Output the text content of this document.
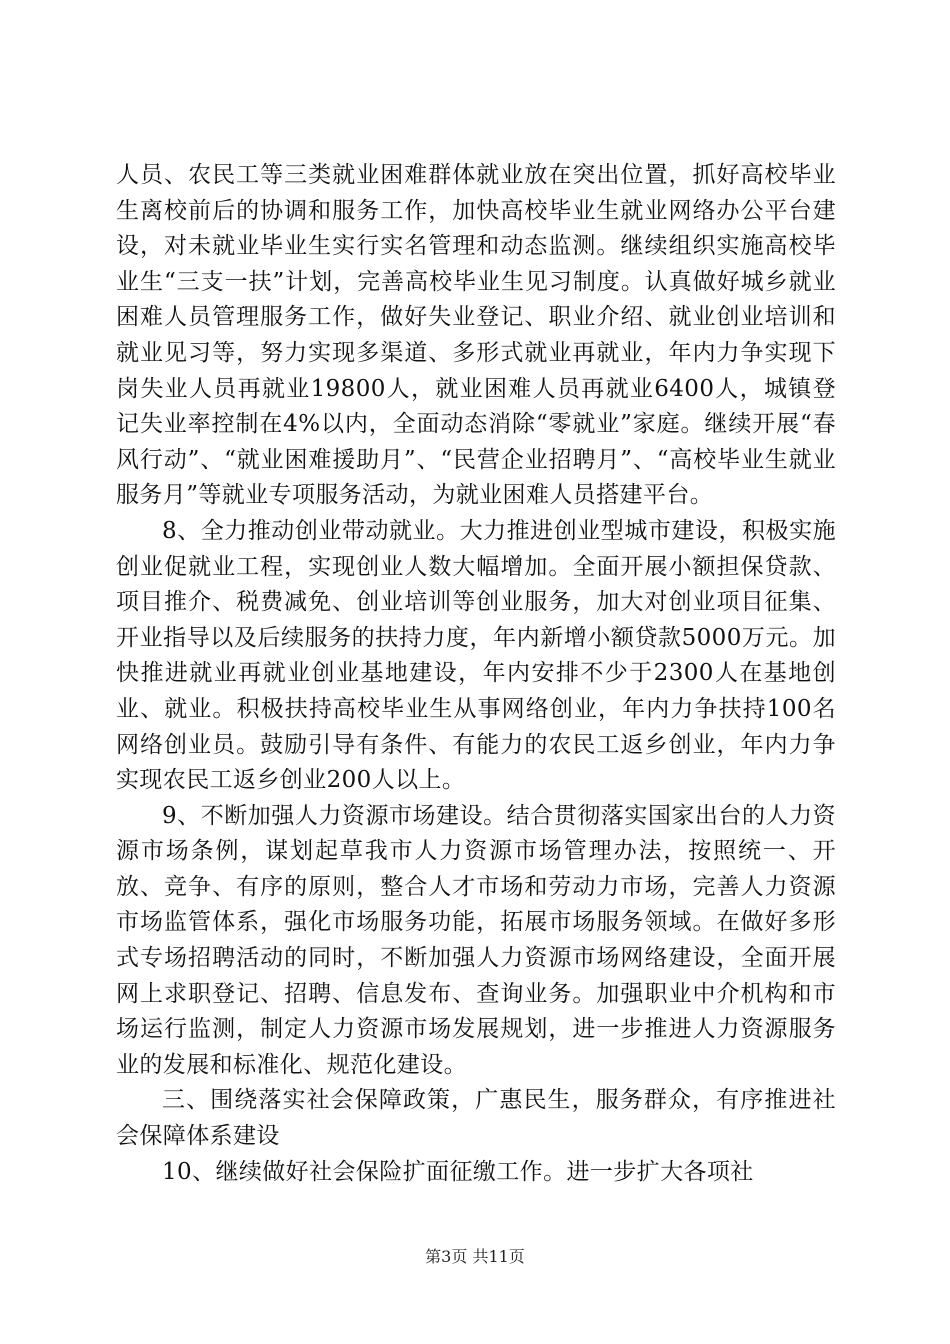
人员、农民工等三类就业困难群体就业放在突出位置，抓好高校毕业生离校前后的协调和服务工作，加快高校毕业生就业网络办公平台建设，对未就业毕业生实行实名管理和动态监测。继续组织实施高校毕业生“三支一扶”计划，完善高校毕业生见习制度。认真做好城乡就业困难人员管理服务工作，做好失业登记、职业介绍、就业创业培训和就业见习等，努力实现多渠道、多形式就业再就业，年内力争实现下岗失业人员再就业19800人，就业困难人员再就业6400人，城镇登记失业率控制在4%以内，全面动态消除“零就业”家庭。继续开展“春风行动”、“就业困难援助月”、“民营企业招聘月”、“高校毕业生就业服务月”等就业专项服务活动，为就业困难人员搭建平台。

8、全力推动创业带动就业。大力推进创业型城市建设，积极实施创业促就业工程，实现创业人数大幅增加。全面开展小额担保贷款、项目推介、税费减免、创业培训等创业服务，加大对创业项目征集、开业指导以及后续服务的扶持力度，年内新增小额贷款5000万元。加快推进就业再就业创业基地建设，年内安排不少于2300人在基地创业、就业。积极扶持高校毕业生从事网络创业，年内力争扶持100名网络创业员。鼓励引导有条件、有能力的农民工返乡创业，年内力争实现农民工返乡创业200人以上。

9、不断加强人力资源市场建设。结合贯彻落实国家出台的人力资源市场条例，谋划起草我市人力资源市场管理办法，按照统一、开放、竞争、有序的原则，整合人才市场和劳动力市场，完善人力资源市场监管体系，强化市场服务功能，拓展市场服务领域。在做好多形式专场招聘活动的同时，不断加强人力资源市场网络建设，全面开展网上求职登记、招聘、信息发布、查询业务。加强职业中介机构和市场运行监测，制定人力资源市场发展规划，进一步推进人力资源服务业的发展和标准化、规范化建设。

三、围绕落实社会保障政策，广惠民生，服务群众，有序推进社会保障体系建设

10、继续做好社会保险扩面征缴工作。进一步扩大各项社

第3页 共11页
